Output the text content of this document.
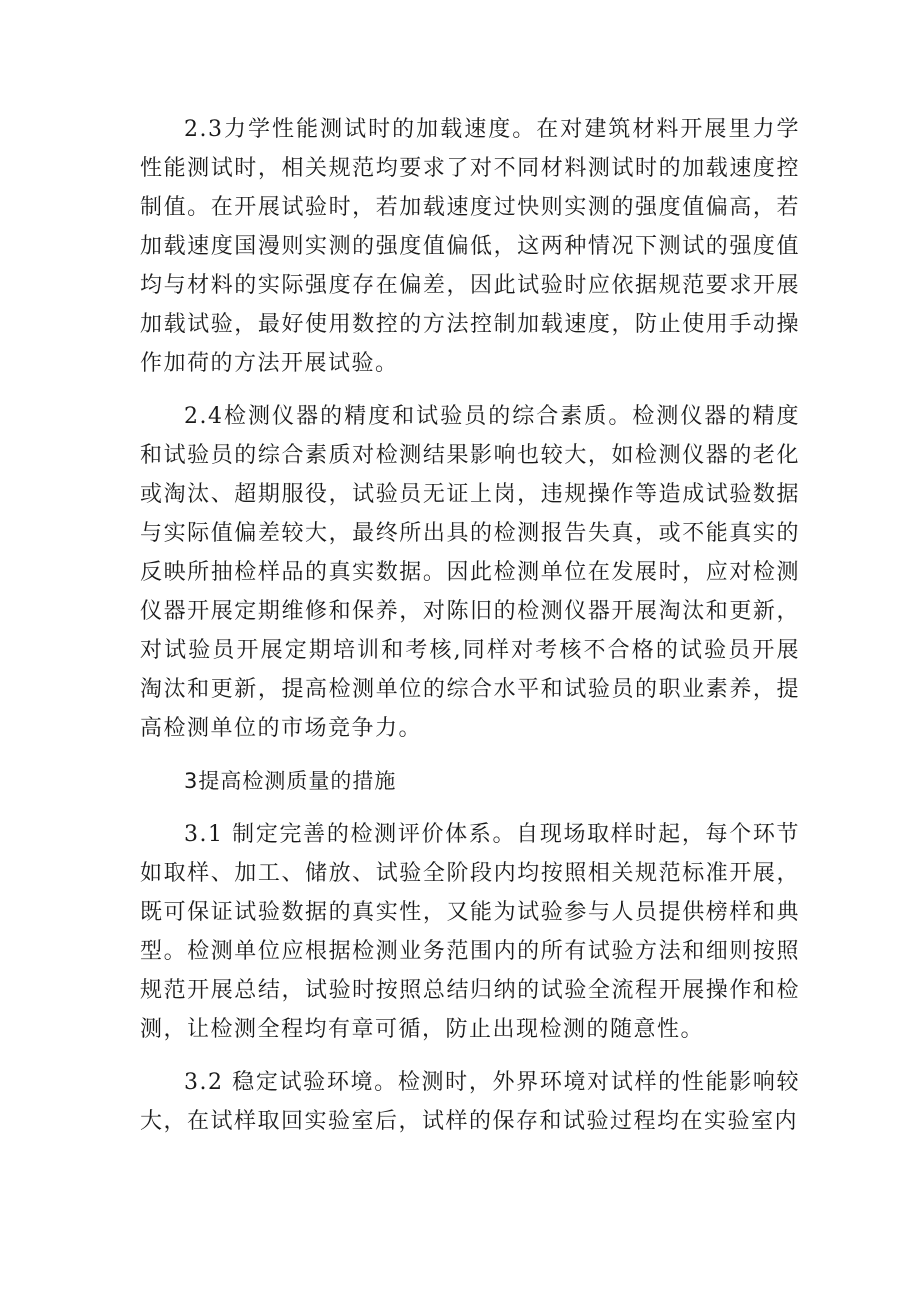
2.3力学性能测试时的加载速度。在对建筑材料开展里力学性能测试时，相关规范均要求了对不同材料测试时的加载速度控制值。在开展试验时，若加载速度过快则实测的强度值偏高，若加载速度国漫则实测的强度值偏低，这两种情况下测试的强度值均与材料的实际强度存在偏差，因此试验时应依据规范要求开展加载试验，最好使用数控的方法控制加载速度，防止使用手动操作加荷的方法开展试验。

2.4检测仪器的精度和试验员的综合素质。检测仪器的精度和试验员的综合素质对检测结果影响也较大，如检测仪器的老化或淘汰、超期服役，试验员无证上岗，违规操作等造成试验数据与实际值偏差较大，最终所出具的检测报告失真，或不能真实的反映所抽检样品的真实数据。因此检测单位在发展时，应对检测仪器开展定期维修和保养，对陈旧的检测仪器开展淘汰和更新，对试验员开展定期培训和考核,同样对考核不合格的试验员开展淘汰和更新，提高检测单位的综合水平和试验员的职业素养，提高检测单位的市场竞争力。

3提高检测质量的措施

3.1 制定完善的检测评价体系。自现场取样时起，每个环节如取样、加工、储放、试验全阶段内均按照相关规范标准开展，既可保证试验数据的真实性，又能为试验参与人员提供榜样和典型。检测单位应根据检测业务范围内的所有试验方法和细则按照规范开展总结，试验时按照总结归纳的试验全流程开展操作和检测，让检测全程均有章可循，防止出现检测的随意性。

3.2 稳定试验环境。检测时，外界环境对试样的性能影响较大，在试样取回实验室后，试样的保存和试验过程均在实验室内
